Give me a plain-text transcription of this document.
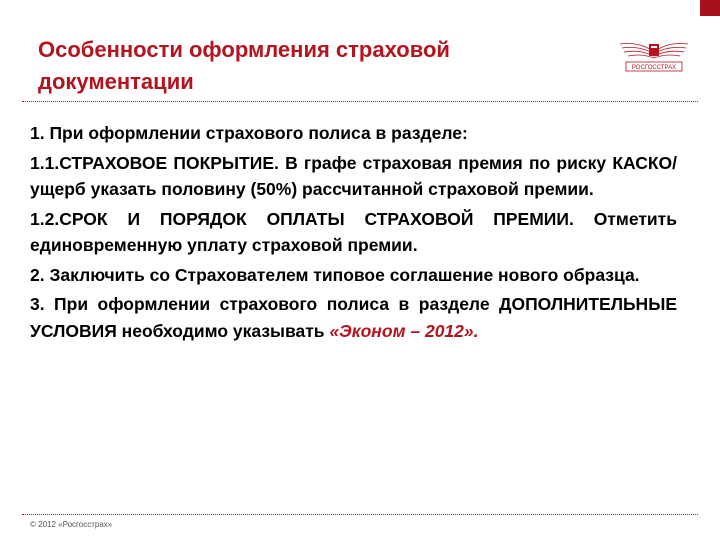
Особенности оформления страховой
документации
РОСГОССТРАХ

1. При оформлении страхового полиса в разделе:

1.1.СТРАХОВОЕ ПОКРЫТИЕ. В графе страховая премия по риску КАСКО/ущерб указать половину (50%) рассчитанной страховой премии.

1.2.СРОК И ПОРЯДОК ОПЛАТЫ СТРАХОВОЙ ПРЕМИИ. Отметить единовременную уплату страховой премии.

2. Заключить со Страхователем типовое соглашение нового образца.

3. При оформлении страхового полиса в разделе ДОПОЛНИТЕЛЬНЫЕ УСЛОВИЯ необходимо указывать «Эконом – 2012».

© 2012 «Росгосстрах»
